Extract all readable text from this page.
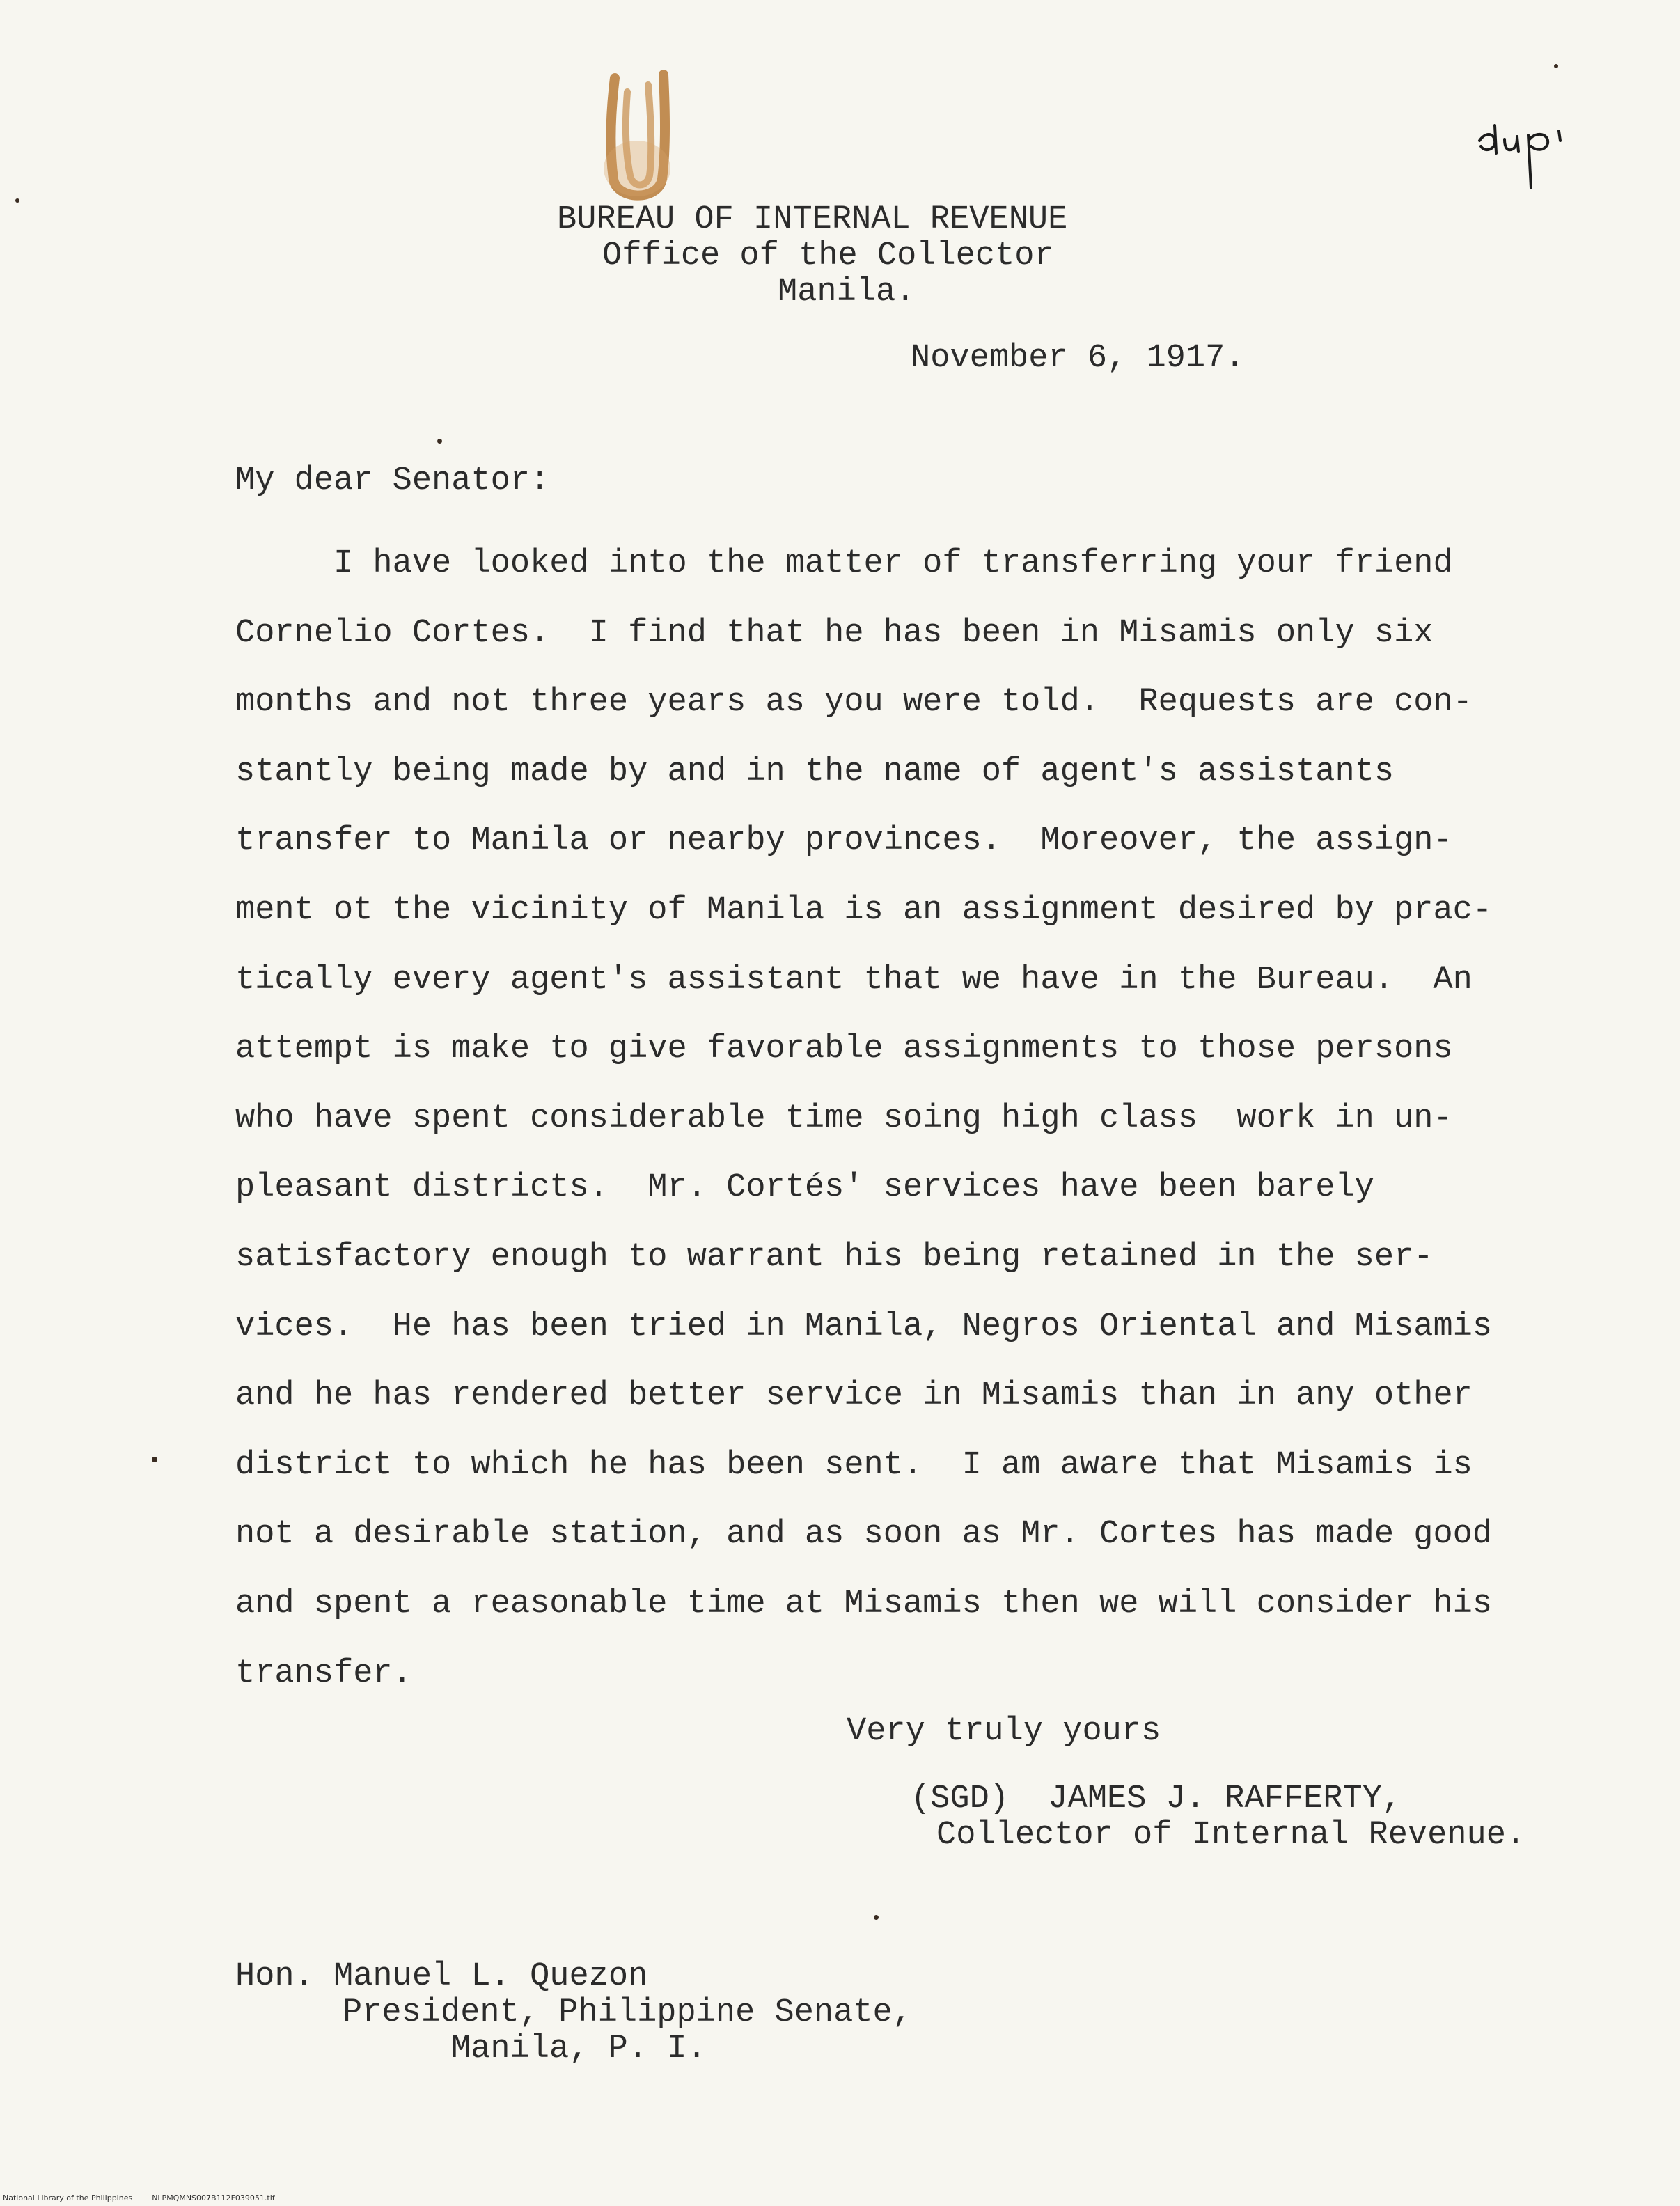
BUREAU OF INTERNAL REVENUE
Office of the Collector
Manila.
November 6, 1917.
My dear Senator:
I have looked into the matter of transferring your friend
Cornelio Cortes.  I find that he has been in Misamis only six
months and not three years as you were told.  Requests are con-
stantly being made by and in the name of agent's assistants
transfer to Manila or nearby provinces.  Moreover, the assign-
ment ot the vicinity of Manila is an assignment desired by prac-
tically every agent's assistant that we have in the Bureau.  An
attempt is make to give favorable assignments to those persons
who have spent considerable time soing high class  work in un-
pleasant districts.  Mr. Cortés' services have been barely
satisfactory enough to warrant his being retained in the ser-
vices.  He has been tried in Manila, Negros Oriental and Misamis
and he has rendered better service in Misamis than in any other
district to which he has been sent.  I am aware that Misamis is
not a desirable station, and as soon as Mr. Cortes has made good
and spent a reasonable time at Misamis then we will consider his
transfer.
Very truly yours
(SGD)  JAMES J. RAFFERTY,
Collector of Internal Revenue.
Hon. Manuel L. Quezon
President, Philippine Senate,
Manila, P. I.
National Library of the Philippines	NLPMQMNS007B112F039051.tif
